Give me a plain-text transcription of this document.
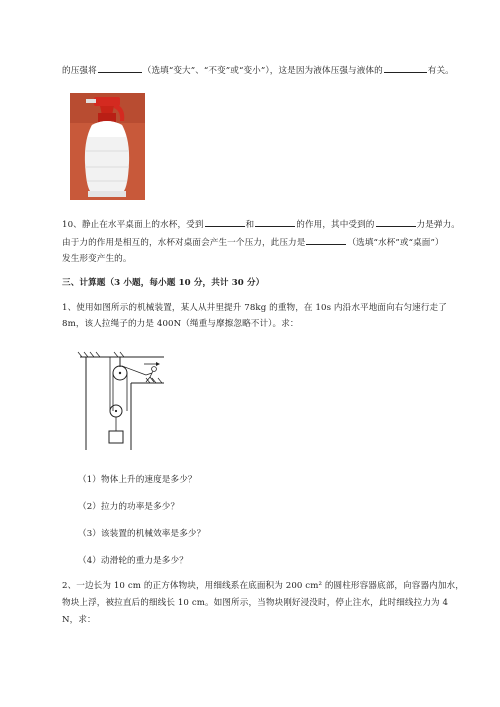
的压强将	（选填“变大”、“不变”或“变小”），这是因为液体压强与液体的	有关。
10、静止在水平桌面上的水杯，受到	和	的作用，其中受到的	力是弹力。
由于力的作用是相互的，水杯对桌面会产生一个压力，此压力是	（选填“水杯”或“桌面”）
发生形变产生的。
三、计算题（3 小题，每小题 10 分，共计 30 分）
1、使用如图所示的机械装置，某人从井里提升 78kg 的重物，在 10s 内沿水平地面向右匀速行走了
8m，该人拉绳子的力是 400N（绳重与摩擦忽略不计）。求：
（1）物体上升的速度是多少？
（2）拉力的功率是多少？
（3）该装置的机械效率是多少？
（4）动滑轮的重力是多少？
2、一边长为 10 cm 的正方体物块，用细线系在底面积为 200 cm² 的圆柱形容器底部，向容器内加水，
物块上浮，被拉直后的细线长 10 cm。如图所示，当物块刚好浸没时，停止注水，此时细线拉力为 4
N，求：
